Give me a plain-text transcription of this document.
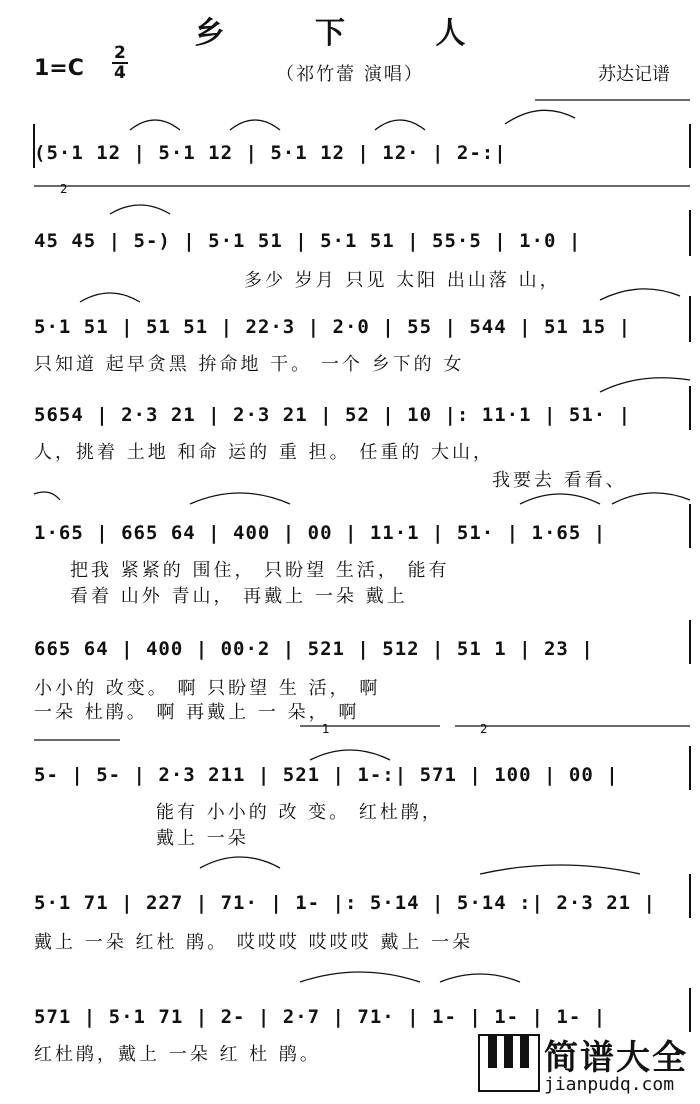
乡 下 人
1=C
2
4	（祁竹蕾 演唱）	苏达记谱
(5·1 12 | 5·1 12 | 5·1 12 | 12· | 2-:|
2
45 45 | 5-) | 5·1 51 | 5·1 51 | 55·5 | 1·0 |
多少 岁月 只见 太阳 出山落 山，
5·1 51 | 51 51 | 22·3 | 2·0 | 55 | 544 | 51 15 |
只知道 起早贪黑 拚命地 干。 一个 乡下的 女
5654 | 2·3 21 | 2·3 21 | 52 | 10 |: 11·1 | 51· |
人，挑着 土地 和命 运的 重 担。 任重的 大山，
我要去 看看、
1·65 | 665 64 | 400 | 00 | 11·1 | 51· | 1·65 |
把我 紧紧的 围住， 只盼望 生活， 能有
看着 山外 青山， 再戴上 一朵 戴上
665 64 | 400 | 00·2 | 521 | 512 | 51 1 | 23 |
小小的 改变。 啊 只盼望 生 活， 啊
一朵 杜鹃。 啊 再戴上 一 朵， 啊
1	2
5- | 5- | 2·3 211 | 521 | 1-:| 571 | 100 | 00 |
能有 小小的 改 变。 红杜鹃，
戴上 一朵
5·1 71 | 227 | 71· | 1- |: 5·14 | 5·14 :| 2·3 21 |
戴上 一朵 红杜 鹃。 哎哎哎 哎哎哎 戴上 一朵
571 | 5·1 71 | 2- | 2·7 | 71· | 1- | 1- | 1- |
红杜鹃，戴上 一朵 红 杜 鹃。	简谱大全
jianpudq.com
